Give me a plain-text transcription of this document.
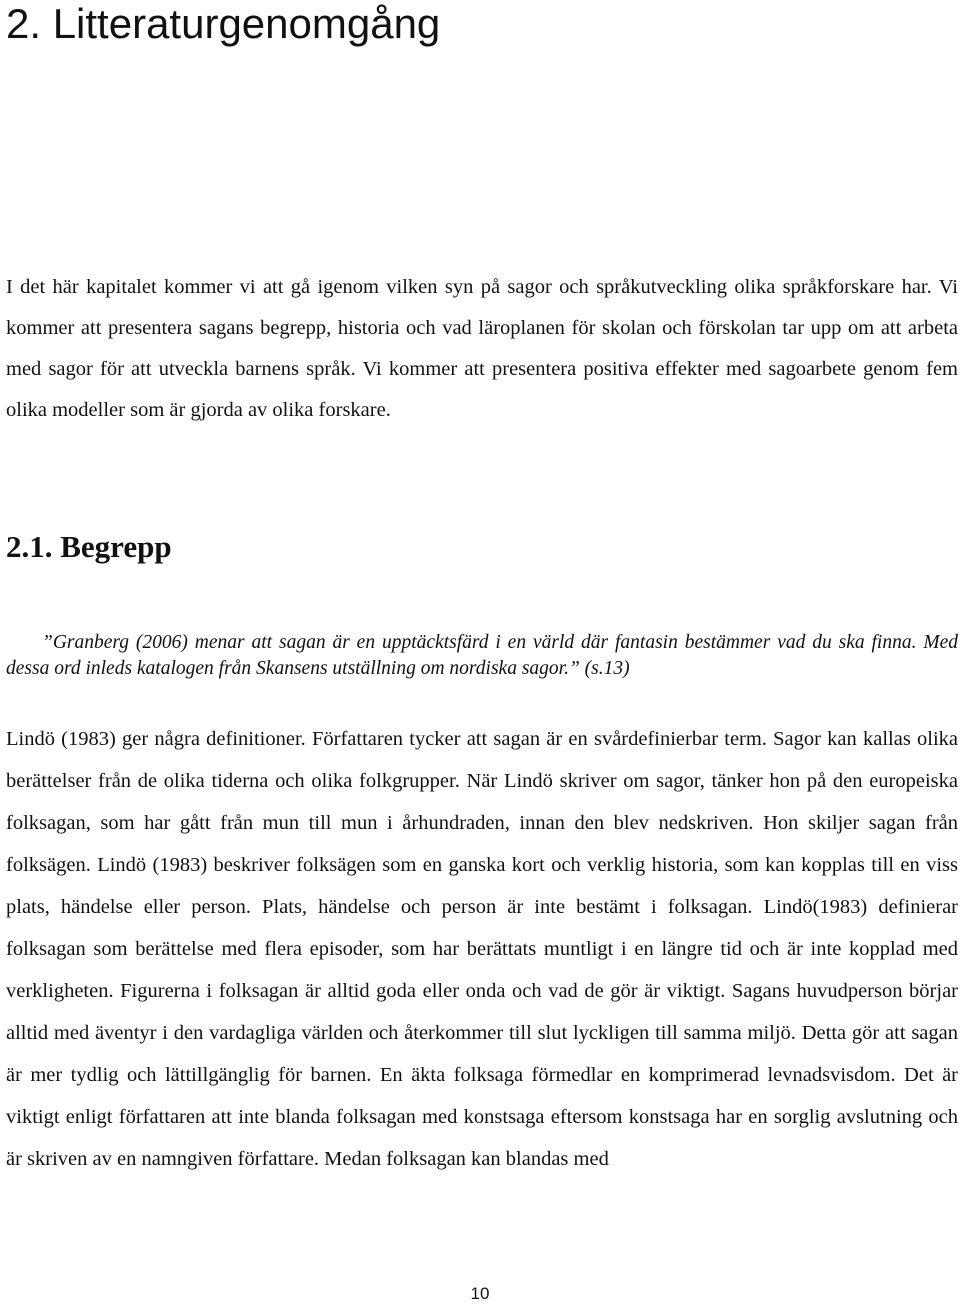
2. Litteraturgenomgång

I det här kapitalet kommer vi att gå igenom vilken syn på sagor och språkutveckling olika språkforskare har. Vi kommer att presentera sagans begrepp, historia och vad läroplanen för skolan och förskolan tar upp om att arbeta med sagor för att utveckla barnens språk. Vi kommer att presentera positiva effekter med sagoarbete genom fem olika modeller som är gjorda av olika forskare.

2.1. Begrepp

”Granberg (2006) menar att sagan är en upptäcktsfärd i en värld där fantasin bestämmer vad du ska finna. Med dessa ord inleds katalogen från Skansens utställning om nordiska sagor.” (s.13)

Lindö (1983) ger några definitioner. Författaren tycker att sagan är en svårdefinierbar term. Sagor kan kallas olika berättelser från de olika tiderna och olika folkgrupper. När Lindö skriver om sagor, tänker hon på den europeiska folksagan, som har gått från mun till mun i århundraden, innan den blev nedskriven. Hon skiljer sagan från folksägen. Lindö (1983) beskriver folksägen som en ganska kort och verklig historia, som kan kopplas till en viss plats, händelse eller person. Plats, händelse och person är inte bestämt i folksagan. Lindö(1983) definierar folksagan som berättelse med flera episoder, som har berättats muntligt i en längre tid och är inte kopplad med verkligheten. Figurerna i folksagan är alltid goda eller onda och vad de gör är viktigt. Sagans huvudperson börjar alltid med äventyr i den vardagliga världen och återkommer till slut lyckligen till samma miljö. Detta gör att sagan är mer tydlig och lättillgänglig för barnen. En äkta folksaga förmedlar en komprimerad levnadsvisdom. Det är viktigt enligt författaren att inte blanda folksagan med konstsaga eftersom konstsaga har en sorglig avslutning och är skriven av en namngiven författare. Medan folksagan kan blandas med

10
